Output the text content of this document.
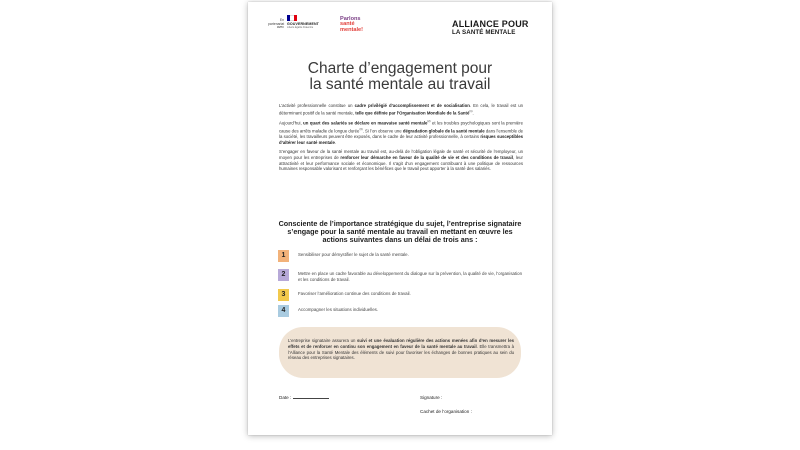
En partenariat avec
GOUVERNEMENT
Liberté Égalité Fraternité
Parlons
santé
mentale!
ALLIANCE POUR
LA SANTÉ MENTALE
Charte d’engagement pour
la santé mentale au travail

L’activité professionnelle constitue un cadre privilégié d’accomplissement et de socialisation. En cela, le travail est un déterminant positif de la santé mentale, telle que définie par l’Organisation Mondiale de la Santé$^{(1)}$.

Aujourd’hui, un quart des salariés se déclare en mauvaise santé mentale$^{(2)}$ et les troubles psychologiques sont la première cause des arrêts maladie de longue durée$^{(3)}$. Si l’on observe une dégradation globale de la santé mentale dans l’ensemble de la société, les travailleurs peuvent être exposés, dans le cadre de leur activité professionnelle, à certains risques susceptibles d’altérer leur santé mentale.

S’engager en faveur de la santé mentale au travail est, au-delà de l’obligation légale de santé et sécurité de l’employeur, un moyen pour les entreprises de renforcer leur démarche en faveur de la qualité de vie et des conditions de travail, leur attractivité et leur performance sociale et économique. Il s’agit d’un engagement contribuant à une politique de ressources humaines responsable valorisant et renforçant les bénéfices que le travail peut apporter à la santé des salariés.

Consciente de l’importance stratégique du sujet, l’entreprise signataire s’engage pour la santé mentale au travail en mettant en œuvre les actions suivantes dans un délai de trois ans :
1	Sensibiliser pour démystifier le sujet de la santé mentale.
2	Mettre en place un cadre favorable au développement du dialogue sur la prévention, la qualité de vie, l’organisation et les conditions de travail.
3	Favoriser l’amélioration continue des conditions de travail.
4	Accompagner les situations individuelles.
L’entreprise signataire assurera un suivi et une évaluation régulière des actions menées afin d’en mesurer les effets et de renforcer en continu son engagement en faveur de la santé mentale au travail. Elle transmettra à l’Alliance pour la Santé Mentale des éléments de suivi pour favoriser les échanges de bonnes pratiques au sein du réseau des entreprises signataires.
Date :	Signature :
Cachet de l’organisation :
